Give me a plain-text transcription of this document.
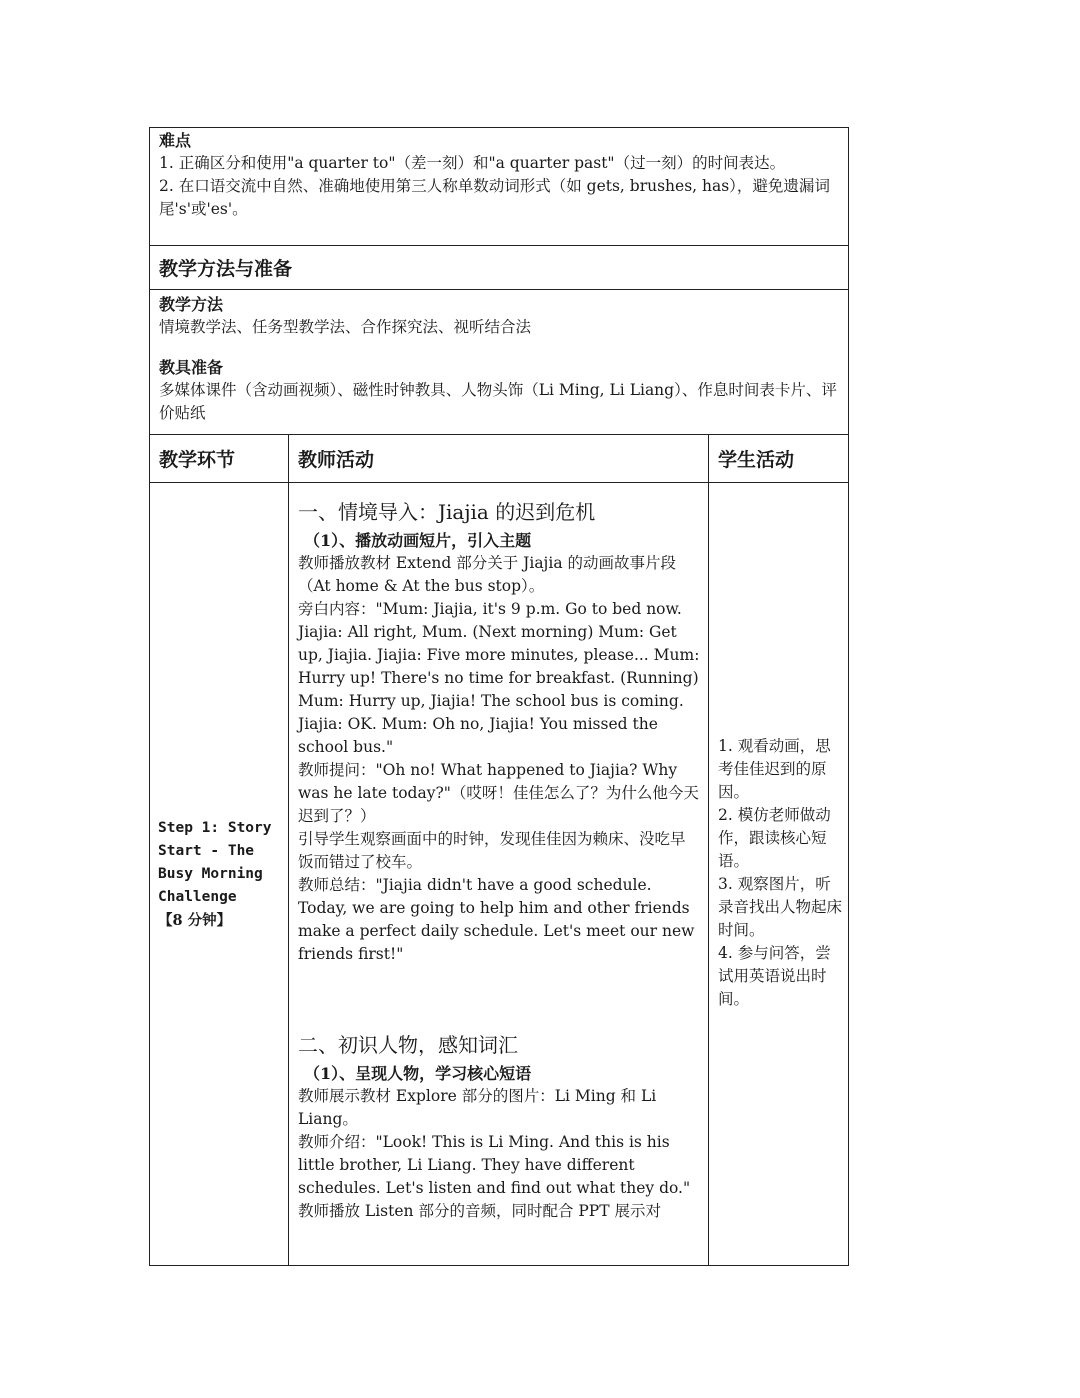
难点

1. 正确区分和使用"a quarter to"（差一刻）和"a quarter past"（过一刻）的时间表达。

2. 在口语交流中自然、准确地使用第三人称单数动词形式（如 gets, brushes, has），避免遗漏词尾's'或'es'。

教学方法与准备
教学方法

情境教学法、任务型教学法、合作探究法、视听结合法

教具准备

多媒体课件（含动画视频）、磁性时钟教具、人物头饰（Li Ming, Li Liang）、作息时间表卡片、评价贴纸

教学环节	教师活动	学生活动

Step 1: Story Start - The Busy Morning Challenge

【8 分钟】

一、情境导入：Jiajia 的迟到危机

（1）、播放动画短片，引入主题

教师播放教材 Extend 部分关于 Jiajia 的动画故事片段（At home & At the bus stop）。

旁白内容："Mum: Jiajia, it's 9 p.m. Go to bed now. Jiajia: All right, Mum. (Next morning) Mum: Get up, Jiajia. Jiajia: Five more minutes, please... Mum: Hurry up! There's no time for breakfast. (Running) Mum: Hurry up, Jiajia! The school bus is coming. Jiajia: OK. Mum: Oh no, Jiajia! You missed the school bus."

教师提问："Oh no! What happened to Jiajia? Why was he late today?"（哎呀！佳佳怎么了？为什么他今天迟到了？）

引导学生观察画面中的时钟，发现佳佳因为赖床、没吃早饭而错过了校车。

教师总结："Jiajia didn't have a good schedule. Today, we are going to help him and other friends make a perfect daily schedule. Let's meet our new friends first!"

二、初识人物，感知词汇

（1）、呈现人物，学习核心短语

教师展示教材 Explore 部分的图片：Li Ming 和 Li Liang。

教师介绍："Look! This is Li Ming. And this is his little brother, Li Liang. They have different schedules. Let's listen and find out what they do."

教师播放 Listen 部分的音频，同时配合 PPT 展示对

1. 观看动画，思考佳佳迟到的原因。

2. 模仿老师做动作，跟读核心短语。

3. 观察图片，听录音找出人物起床时间。

4. 参与问答，尝试用英语说出时间。
